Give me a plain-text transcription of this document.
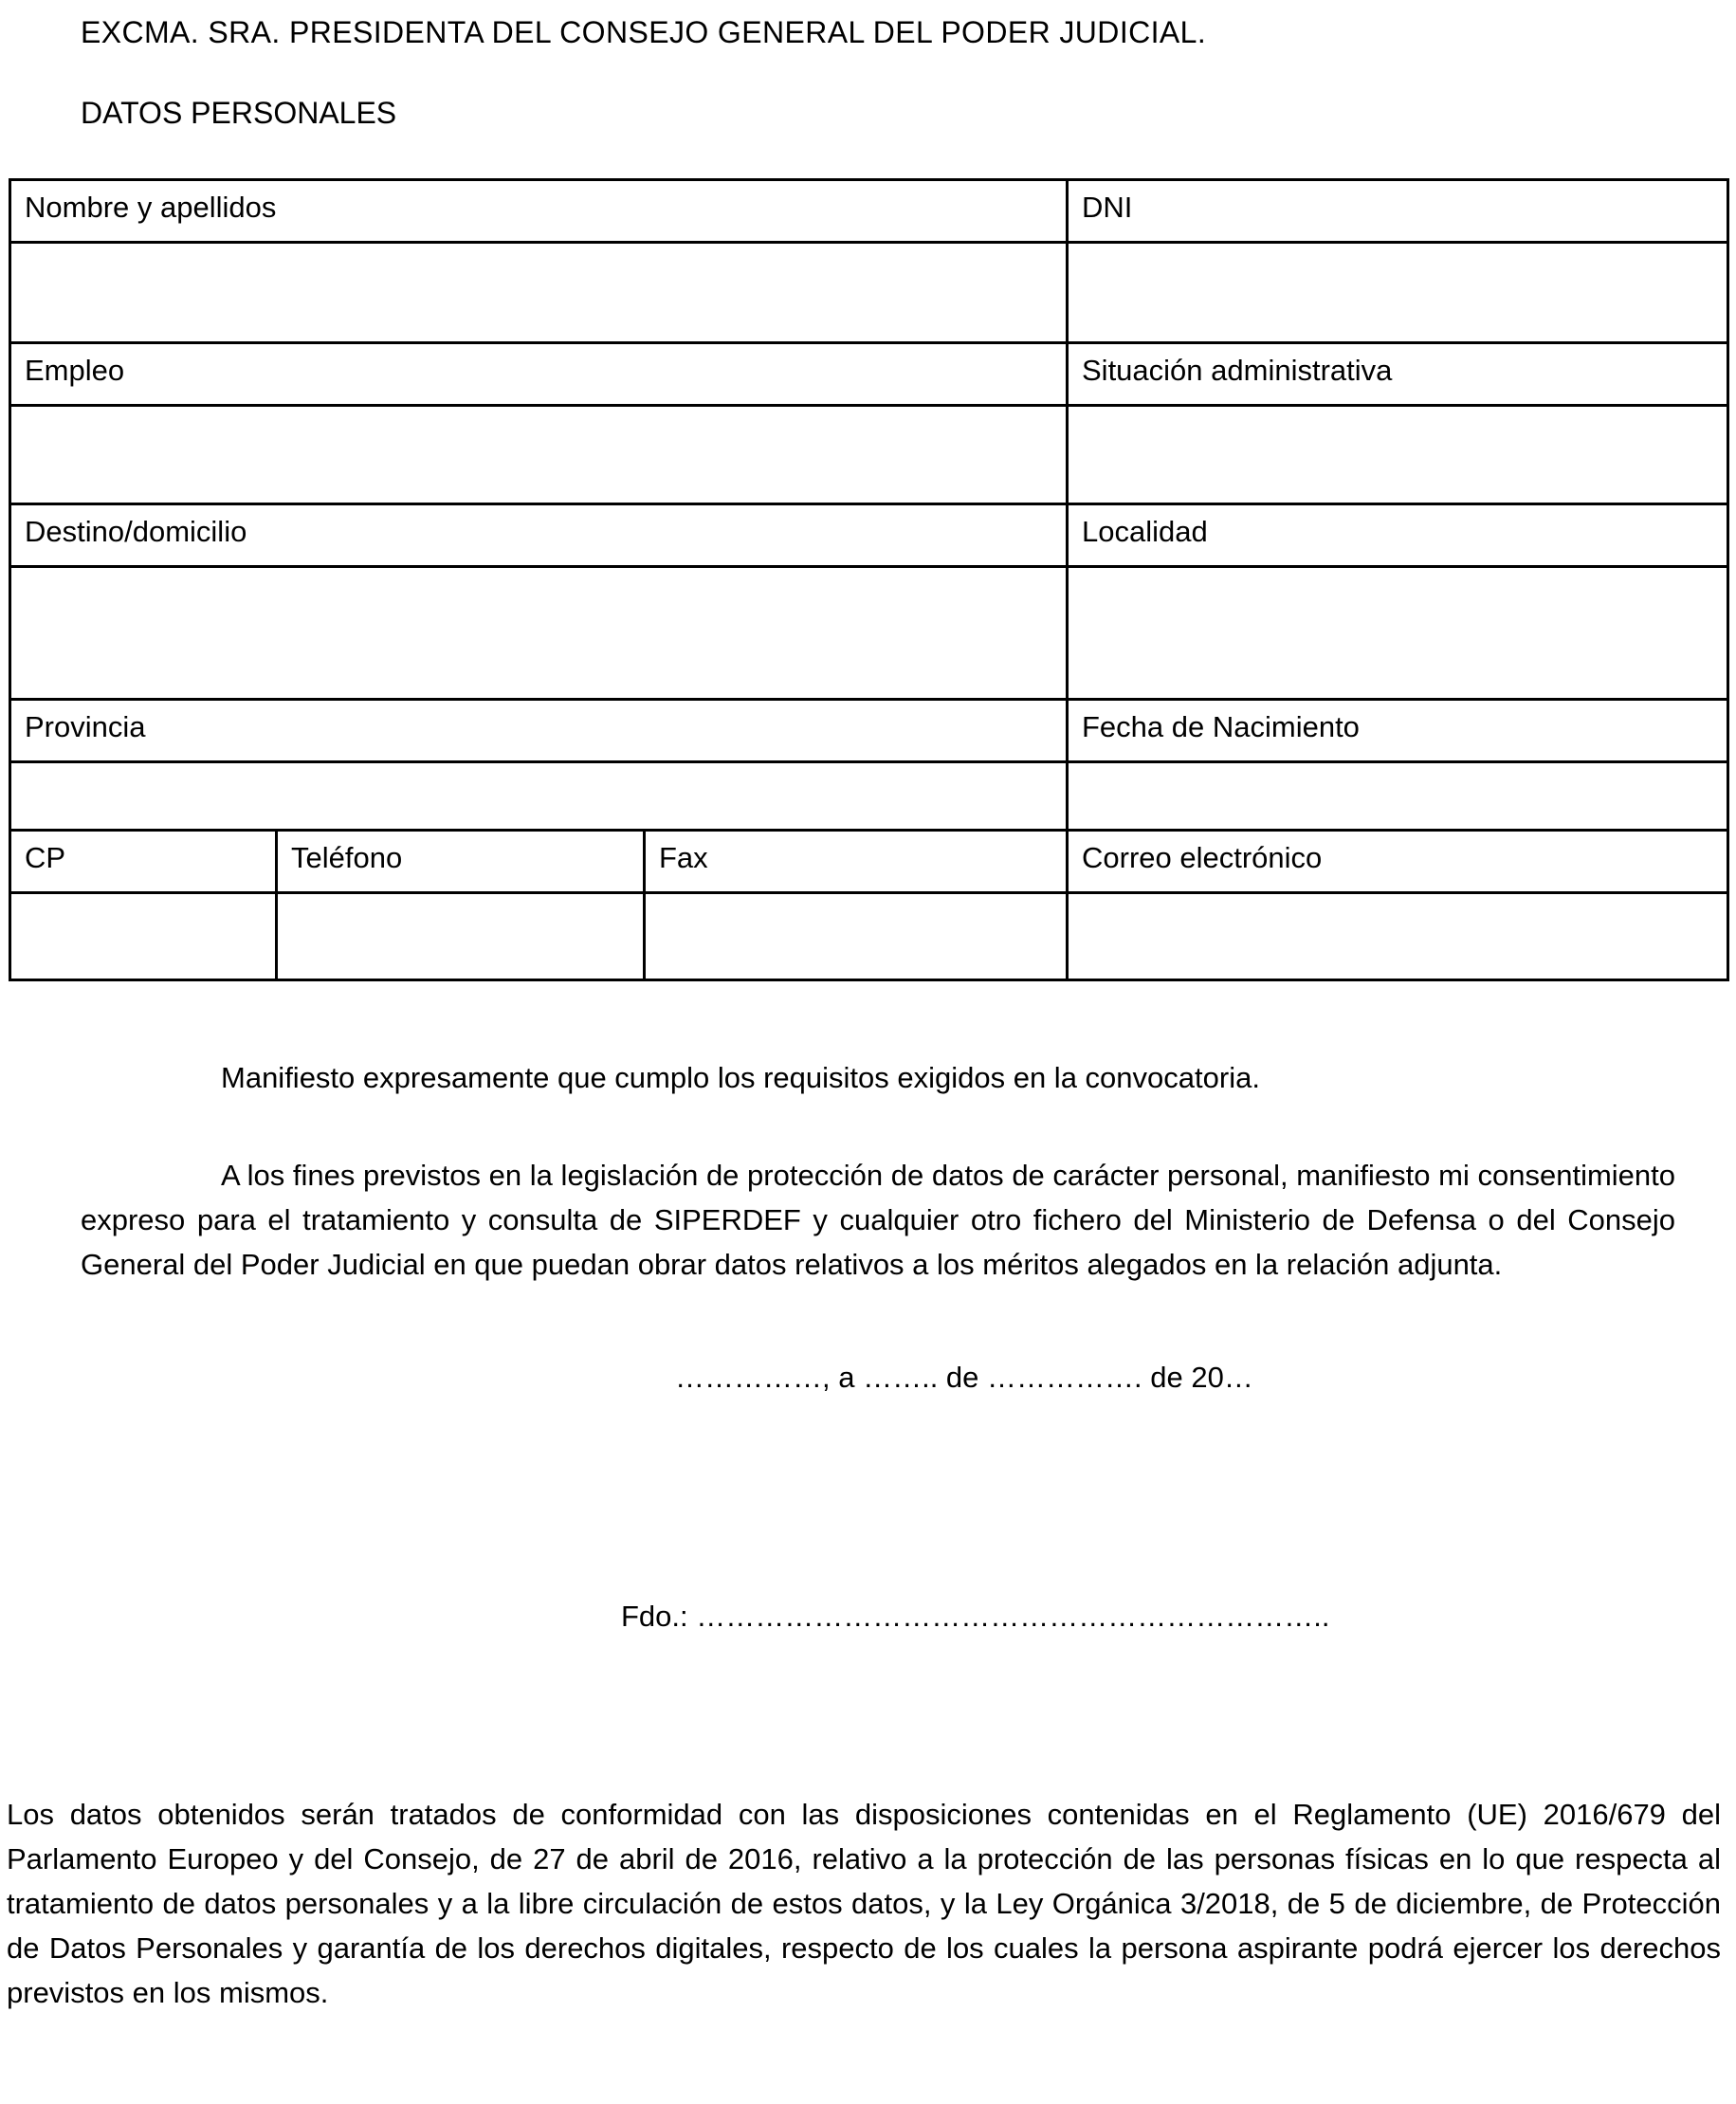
EXCMA. SRA. PRESIDENTA DEL CONSEJO GENERAL DEL PODER JUDICIAL.

DATOS PERSONALES

Nombre y apellidos			DNI

Empleo			Situación administrativa

Destino/domicilio			Localidad

Provincia			Fecha de Nacimiento

CP	Teléfono	Fax	Correo electrónico

Manifiesto expresamente que cumplo los requisitos exigidos en la convocatoria.

A los fines previstos en la legislación de protección de datos de carácter personal, manifiesto mi consentimiento expreso para el tratamiento y consulta de SIPERDEF y cualquier otro fichero del Ministerio de Defensa o del Consejo General del Poder Judicial en que puedan obrar datos relativos a los méritos alegados en la relación adjunta.

……………, a …….. de ……………. de 20…

Fdo.: ………………………………………………………..

Los datos obtenidos serán tratados de conformidad con las disposiciones contenidas en el Reglamento (UE) 2016/679 del Parlamento Europeo y del Consejo, de 27 de abril de 2016, relativo a la protección de las personas físicas en lo que respecta al tratamiento de datos personales y a la libre circulación de estos datos, y la Ley Orgánica 3/2018, de 5 de diciembre, de Protección de Datos Personales y garantía de los derechos digitales, respecto de los cuales la persona aspirante podrá ejercer los derechos previstos en los mismos.
